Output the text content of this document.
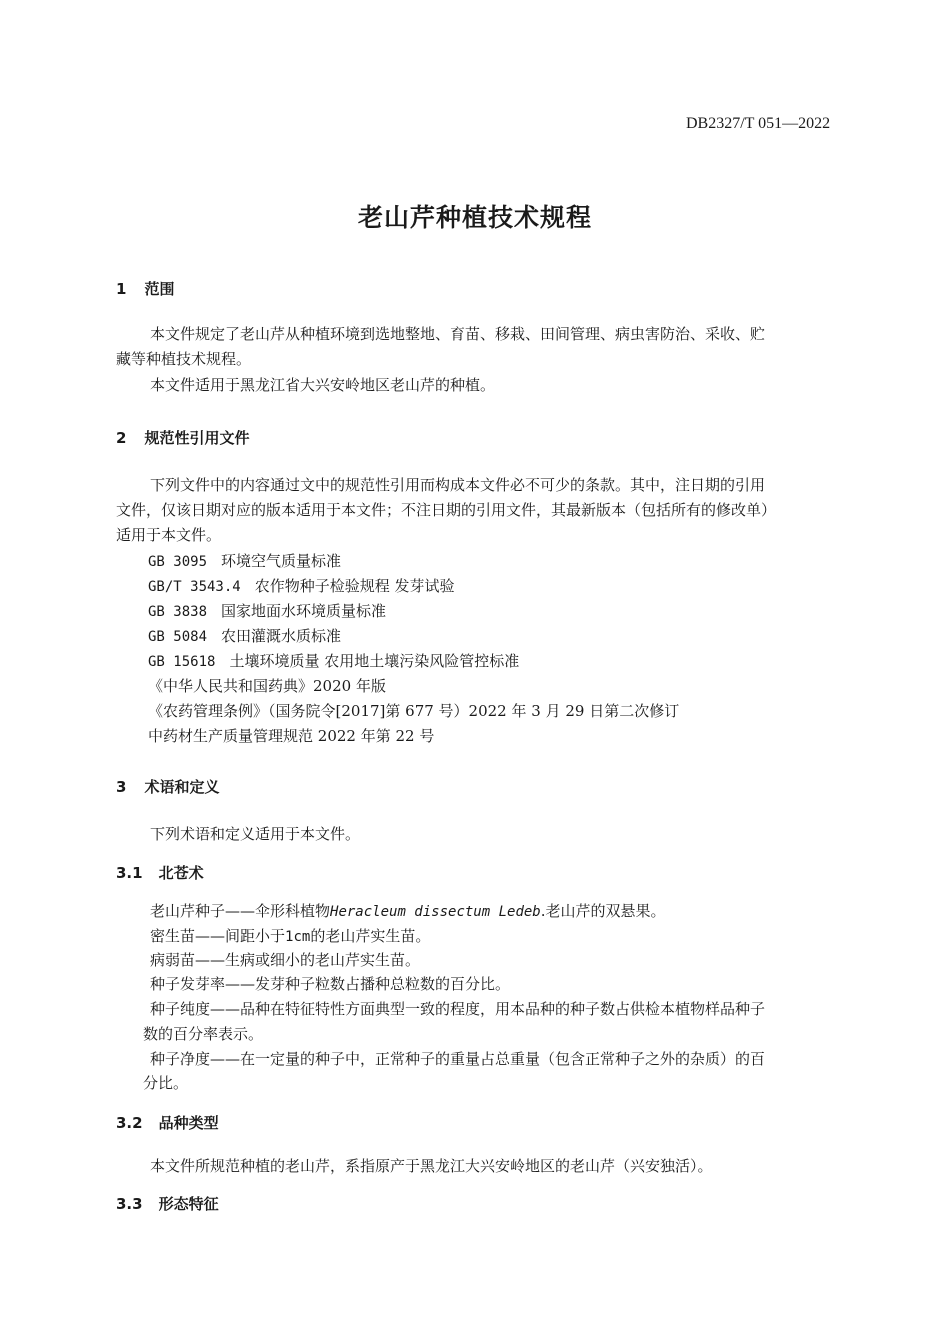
DB2327/T 051—2022
老山芹种植技术规程
1 范围
本文件规定了老山芹从种植环境到选地整地、育苗、移栽、田间管理、病虫害防治、采收、贮
藏等种植技术规程。
本文件适用于黑龙江省大兴安岭地区老山芹的种植。
2 规范性引用文件
下列文件中的内容通过文中的规范性引用而构成本文件必不可少的条款。其中，注日期的引用
文件，仅该日期对应的版本适用于本文件；不注日期的引用文件，其最新版本（包括所有的修改单）
适用于本文件。
GB 3095 环境空气质量标准
GB/T 3543.4 农作物种子检验规程 发芽试验
GB 3838 国家地面水环境质量标准
GB 5084 农田灌溉水质标准
GB 15618 土壤环境质量 农用地土壤污染风险管控标准
《中华人民共和国药典》2020 年版
《农药管理条例》（国务院令[2017]第 677 号）2022 年 3 月 29 日第二次修订
中药材生产质量管理规范 2022 年第 22 号
3 术语和定义
下列术语和定义适用于本文件。
3.1 北苍术
老山芹种子——伞形科植物Heracleum dissectum Ledeb.老山芹的双悬果。
密生苗——间距小于1cm的老山芹实生苗。
病弱苗——生病或细小的老山芹实生苗。
种子发芽率——发芽种子粒数占播种总粒数的百分比。
种子纯度——品种在特征特性方面典型一致的程度，用本品种的种子数占供检本植物样品种子
数的百分率表示。
种子净度——在一定量的种子中，正常种子的重量占总重量（包含正常种子之外的杂质）的百
分比。
3.2 品种类型
本文件所规范种植的老山芹，系指原产于黑龙江大兴安岭地区的老山芹（兴安独活）。
3.3 形态特征
